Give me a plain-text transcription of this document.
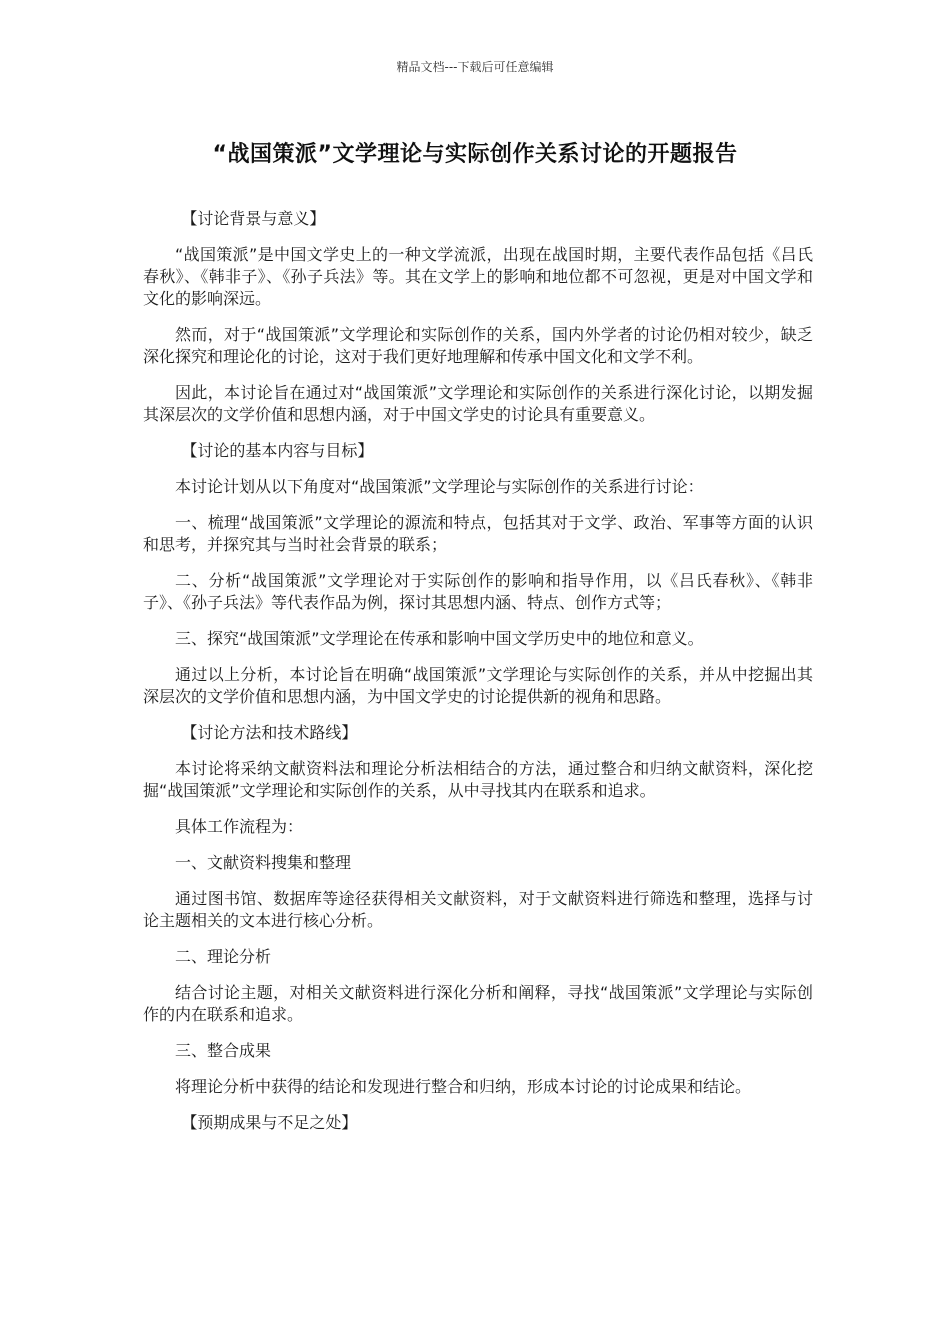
精品文档---下载后可任意编辑
“战国策派”文学理论与实际创作关系讨论的开题报告

【讨论背景与意义】

“战国策派”是中国文学史上的一种文学流派，出现在战国时期，主要代表作品包括《吕氏春秋》、《韩非子》、《孙子兵法》等。其在文学上的影响和地位都不可忽视，更是对中国文学和文化的影响深远。

然而，对于“战国策派”文学理论和实际创作的关系，国内外学者的讨论仍相对较少，缺乏深化探究和理论化的讨论，这对于我们更好地理解和传承中国文化和文学不利。

因此，本讨论旨在通过对“战国策派”文学理论和实际创作的关系进行深化讨论，以期发掘其深层次的文学价值和思想内涵，对于中国文学史的讨论具有重要意义。

【讨论的基本内容与目标】

本讨论计划从以下角度对“战国策派”文学理论与实际创作的关系进行讨论：

一、梳理“战国策派”文学理论的源流和特点，包括其对于文学、政治、军事等方面的认识和思考，并探究其与当时社会背景的联系；

二、分析“战国策派”文学理论对于实际创作的影响和指导作用，以《吕氏春秋》、《韩非子》、《孙子兵法》等代表作品为例，探讨其思想内涵、特点、创作方式等；

三、探究“战国策派”文学理论在传承和影响中国文学历史中的地位和意义。

通过以上分析，本讨论旨在明确“战国策派”文学理论与实际创作的关系，并从中挖掘出其深层次的文学价值和思想内涵，为中国文学史的讨论提供新的视角和思路。

【讨论方法和技术路线】

本讨论将采纳文献资料法和理论分析法相结合的方法，通过整合和归纳文献资料，深化挖掘“战国策派”文学理论和实际创作的关系，从中寻找其内在联系和追求。

具体工作流程为：

一、文献资料搜集和整理

通过图书馆、数据库等途径获得相关文献资料，对于文献资料进行筛选和整理，选择与讨论主题相关的文本进行核心分析。

二、理论分析

结合讨论主题，对相关文献资料进行深化分析和阐释，寻找“战国策派”文学理论与实际创作的内在联系和追求。

三、整合成果

将理论分析中获得的结论和发现进行整合和归纳，形成本讨论的讨论成果和结论。

【预期成果与不足之处】
